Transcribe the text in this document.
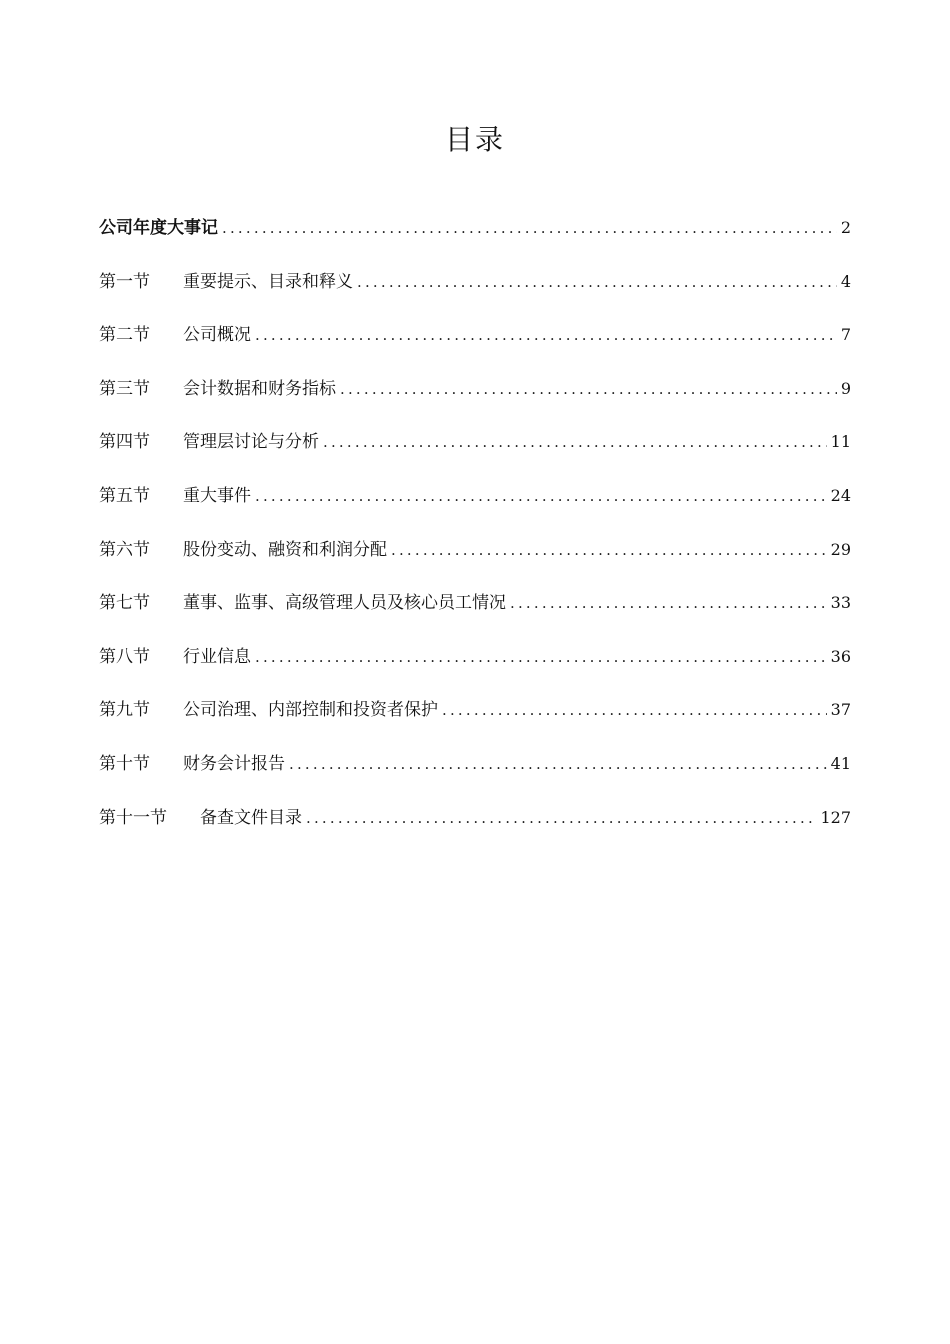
目录
公司年度大事记 .....	2
第一节	重要提示、目录和释义 .....	4
第二节	公司概况 .....	7
第三节	会计数据和财务指标 .....	9
第四节	管理层讨论与分析 .....	11
第五节	重大事件 .....	24
第六节	股份变动、融资和利润分配 .....	29
第七节	董事、监事、高级管理人员及核心员工情况 .....	33
第八节	行业信息 .....	36
第九节	公司治理、内部控制和投资者保护 .....	37
第十节	财务会计报告 .....	41
第十一节	备查文件目录 .....	127
